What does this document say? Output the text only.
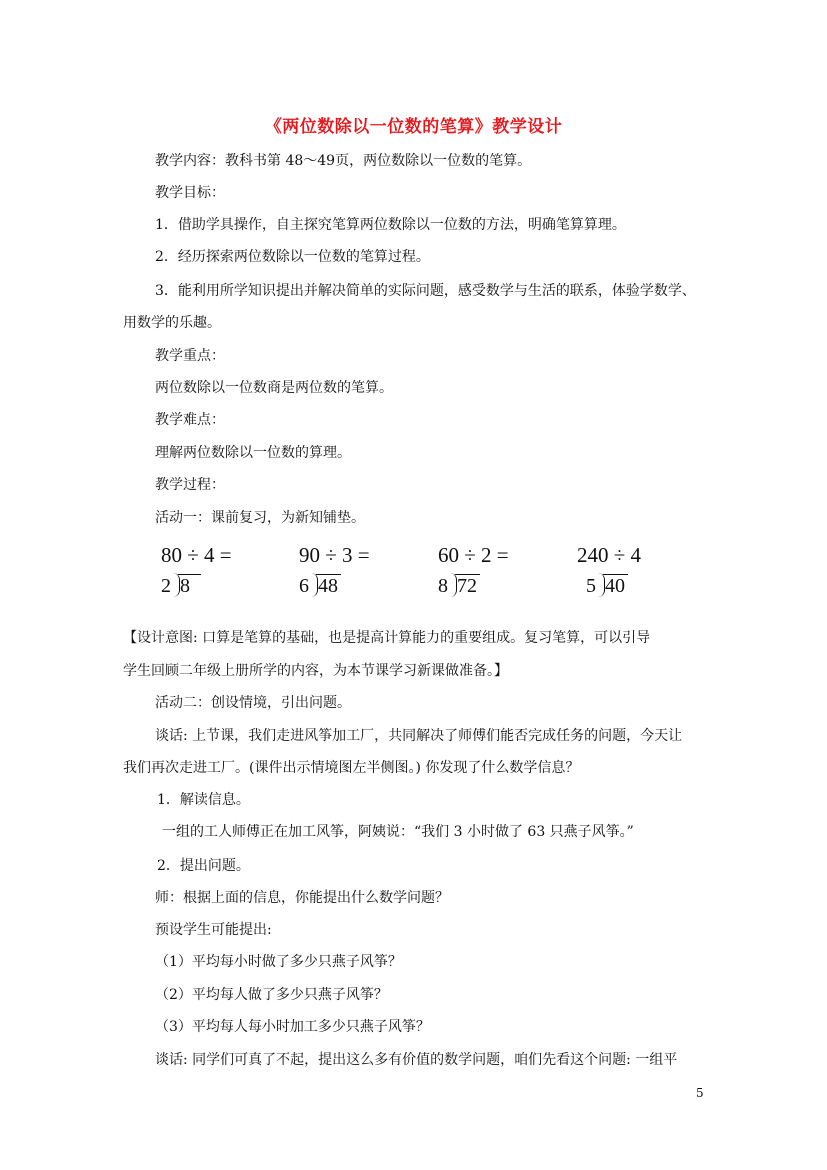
《两位数除以一位数的笔算》教学设计
教学内容：教科书第 48～49页，两位数除以一位数的笔算。
教学目标：
1．借助学具操作，自主探究笔算两位数除以一位数的方法，明确笔算算理。
2．经历探索两位数除以一位数的笔算过程。
3．能利用所学知识提出并解决简单的实际问题，感受数学与生活的联系，体验学数学、
用数学的乐趣。
教学重点：
两位数除以一位数商是两位数的笔算。
教学难点：
理解两位数除以一位数的算理。
教学过程：
活动一：课前复习，为新知铺垫。
80 ÷ 4 =	90 ÷ 3 =	60 ÷ 2 =	240 ÷ 4
2 8	6 48	8 72	5 40
【设计意图: 口算是笔算的基础，也是提高计算能力的重要组成。复习笔算，可以引导
学生回顾二年级上册所学的内容，为本节课学习新课做准备。】
活动二：创设情境，引出问题。
谈话: 上节课，我们走进风筝加工厂，共同解决了师傅们能否完成任务的问题，今天让
我们再次走进工厂。(课件出示情境图左半侧图。) 你发现了什么数学信息？
1．解读信息。
一组的工人师傅正在加工风筝，阿姨说：“我们 3 小时做了 63 只燕子风筝。”
2．提出问题。
师：根据上面的信息，你能提出什么数学问题？
预设学生可能提出:
（1）平均每小时做了多少只燕子风筝？
（2）平均每人做了多少只燕子风筝？
（3）平均每人每小时加工多少只燕子风筝？
谈话: 同学们可真了不起，提出这么多有价值的数学问题，咱们先看这个问题: 一组平
5
